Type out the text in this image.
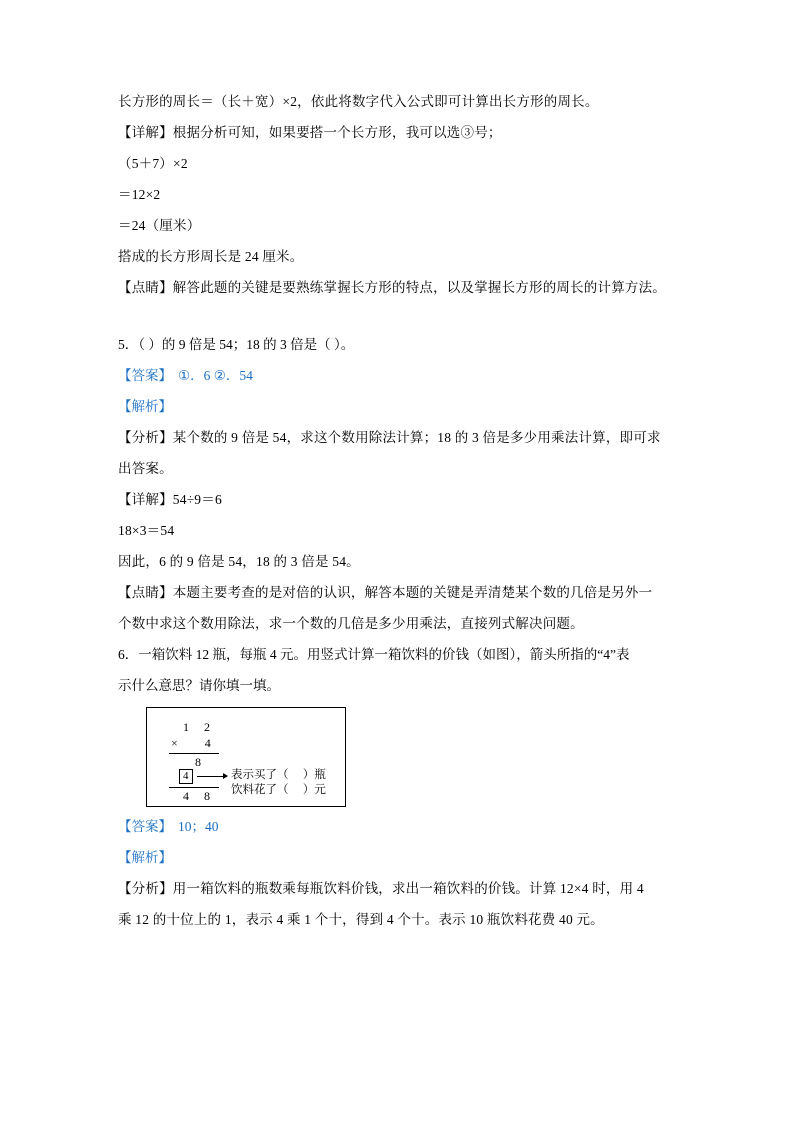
长方形的周长＝（长＋宽）×2，依此将数字代入公式即可计算出长方形的周长。
【详解】根据分析可知，如果要搭一个长方形，我可以选③号；
（5＋7）×2
＝12×2
＝24（厘米）
搭成的长方形周长是 24 厘米。
【点睛】解答此题的关键是要熟练掌握长方形的特点，以及掌握长方形的周长的计算方法。
5．（ ）的 9 倍是 54；18 的 3 倍是（ ）。
【答案】 ①．6 ②．54
【解析】
【分析】某个数的 9 倍是 54，求这个数用除法计算；18 的 3 倍是多少用乘法计算，即可求
出答案。
【详解】54÷9＝6
18×3＝54
因此，6 的 9 倍是 54，18 的 3 倍是 54。
【点睛】本题主要考查的是对倍的认识，解答本题的关键是弄清楚某个数的几倍是另外一
个数中求这个数用除法，求一个数的几倍是多少用乘法，直接列式解决问题。
6．一箱饮料 12 瓶，每瓶 4 元。用竖式计算一箱饮料的价钱（如图），箭头所指的“4”表
示什么意思？请你填一填。
1  2
×    4
8
4	表示买了（     ）瓶
饮料花了（     ）元
4  8
【答案】 10；40
【解析】
【分析】用一箱饮料的瓶数乘每瓶饮料价钱，求出一箱饮料的价钱。计算 12×4 时，用 4
乘 12 的十位上的 1，表示 4 乘 1 个十，得到 4 个十。表示 10 瓶饮料花费 40 元。
